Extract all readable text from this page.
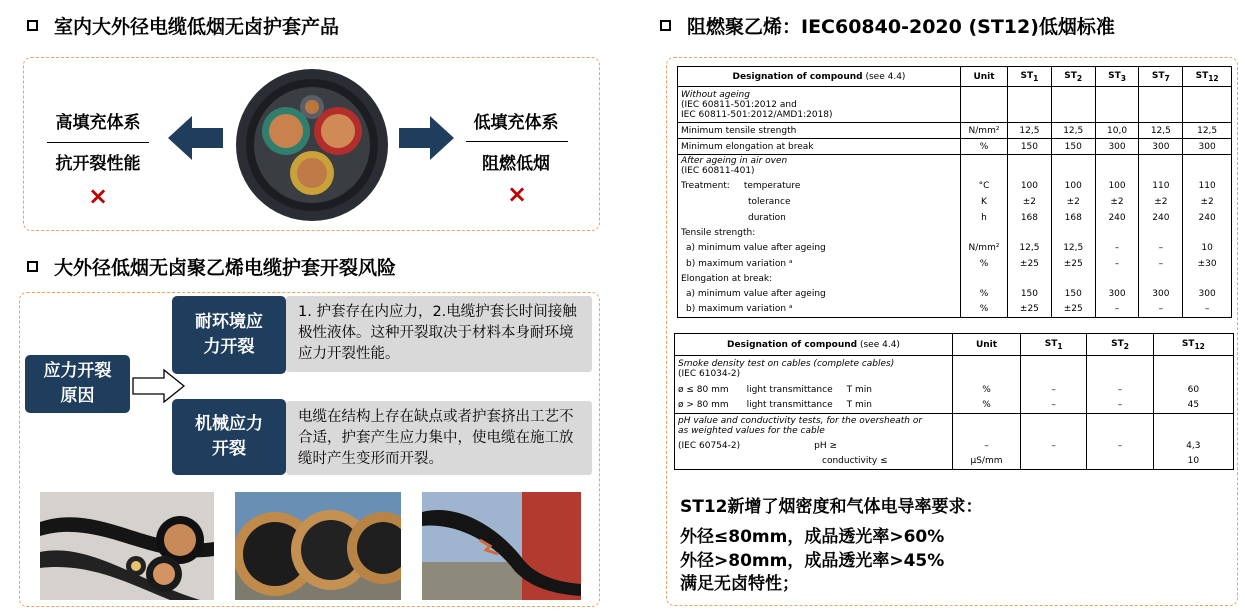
室内大外径电缆低烟无卤护套产品
高填充体系
抗开裂性能
×
低填充体系
阻燃低烟
×
大外径低烟无卤聚乙烯电缆护套开裂风险
应力开裂
原因
耐环境应
力开裂
1. 护套存在内应力，2.电缆护套长时间接触极性液体。这种开裂取决于材料本身耐环境应力开裂性能。
机械应力
开裂
电缆在结构上存在缺点或者护套挤出工艺不合适，护套产生应力集中，使电缆在施工放缆时产生变形而开裂。
阻燃聚乙烯：IEC60840-2020 (ST12)低烟标准
Designation of compound (see 4.4)	Unit	$ST_1$	$ST_2$	$ST_3$	$ST_7$	$ST_{12}$
Without ageing
(IEC 60811-501:2012 and
IEC 60811-501:2012/AMD1:2018)						
Minimum tensile strength	N/mm²	12,5	12,5	10,0	12,5	12,5
Minimum elongation at break	%	150	150	300	300	300
After ageing in air oven
(IEC 60811-401)						
Treatment: temperature	°C	100	100	100	110	110
tolerance	K	±2	±2	±2	±2	±2
duration	h	168	168	240	240	240
Tensile strength:						
a) minimum value after ageing	N/mm²	12,5	12,5	–	–	10
b) maximum variation ᵃ	%	±25	±25	–	–	±30
Elongation at break:						
a) minimum value after ageing	%	150	150	300	300	300
b) maximum variation ᵃ	%	±25	±25	–	–	–
Designation of compound (see 4.4)	Unit	$ST_1$	$ST_2$	$ST_{12}$
Smoke density test on cables (complete cables)
(IEC 61034-2)				
ø ≤ 80 mm light transmittance T min	%	–	–	60
ø > 80 mm light transmittance T min	%	–	–	45
pH value and conductivity tests, for the oversheath or
as weighted values for the cable				
(IEC 60754-2) pH ≥	–	–	–	4,3
conductivity ≤	μS/mm			10
ST12新增了烟密度和气体电导率要求：
外径≤80mm，成品透光率>60%
外径>80mm，成品透光率>45%
满足无卤特性；
